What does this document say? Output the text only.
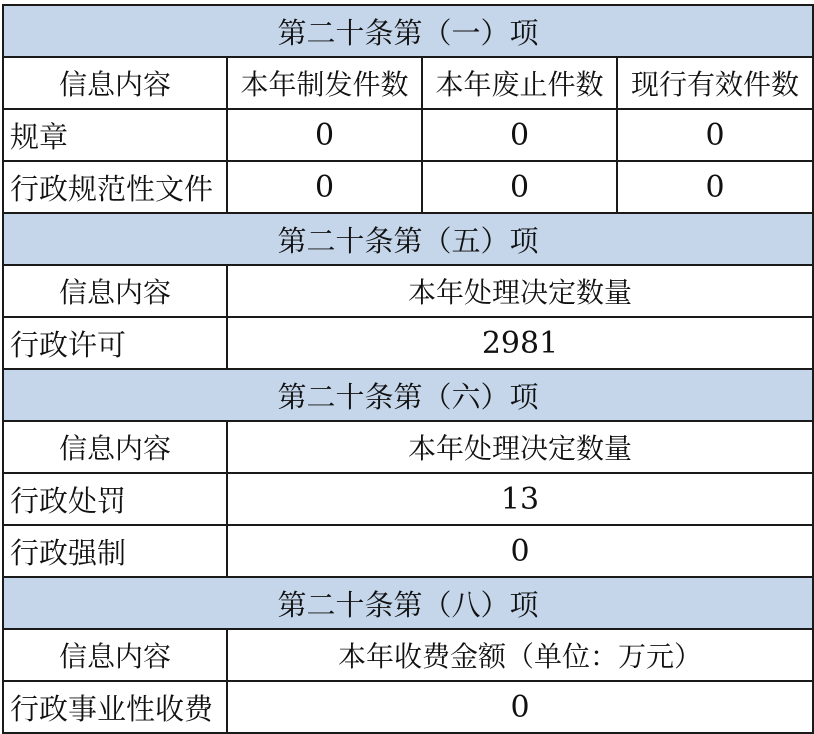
第二十条第（一）项			
信息内容	本年制发件数	本年废止件数	现行有效件数
规章	0	0	0
行政规范性文件	0	0	0
第二十条第（五）项			
信息内容	本年处理决定数量		
行政许可	2981		
第二十条第（六）项			
信息内容	本年处理决定数量		
行政处罚	13		
行政强制	0		
第二十条第（八）项			
信息内容	本年收费金额（单位：万元）		
行政事业性收费	0		
